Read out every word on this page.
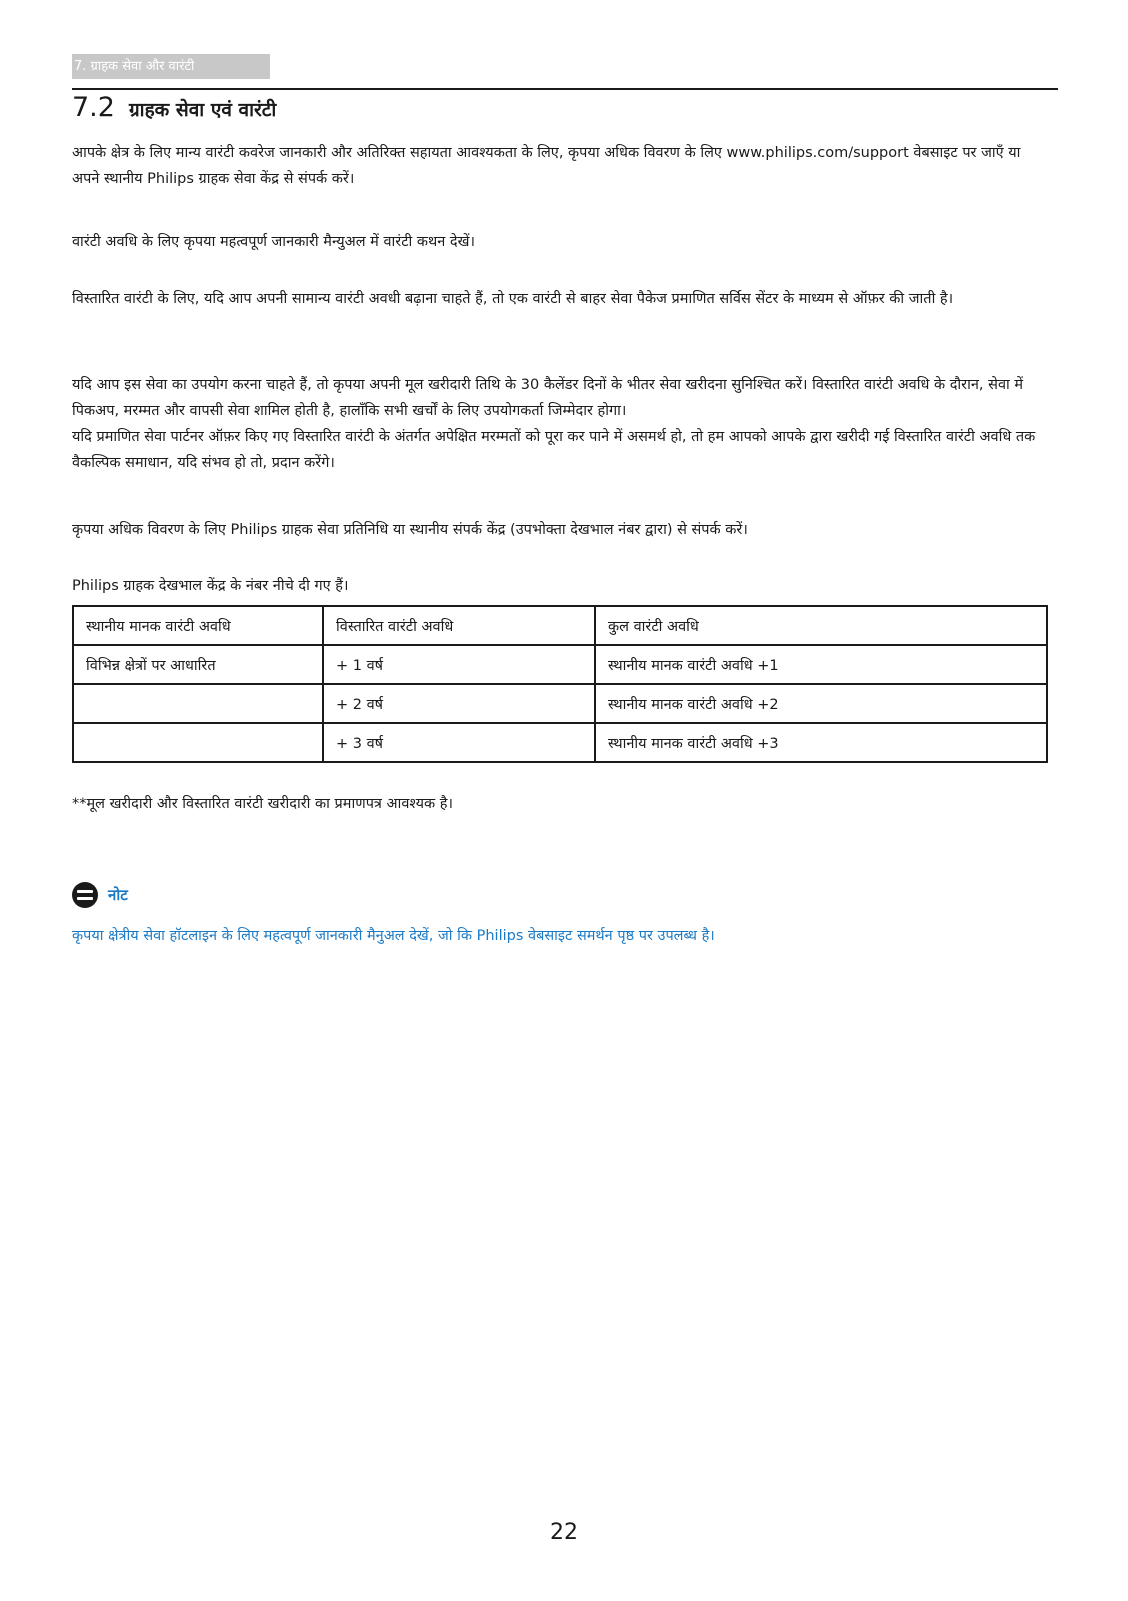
7. ग्राहक सेवा और वारंटी
7.2 ग्राहक सेवा एवं वारंटी

आपके क्षेत्र के लिए मान्य वारंटी कवरेज जानकारी और अतिरिक्त सहायता आवश्यकता के लिए, कृपया अधिक विवरण के लिए www.philips.com/support वेबसाइट पर जाएँ या अपने स्थानीय Philips ग्राहक सेवा केंद्र से संपर्क करें।

वारंटी अवधि के लिए कृपया महत्वपूर्ण जानकारी मैन्युअल में वारंटी कथन देखें।

विस्तारित वारंटी के लिए, यदि आप अपनी सामान्य वारंटी अवधी बढ़ाना चाहते हैं, तो एक वारंटी से बाहर सेवा पैकेज प्रमाणित सर्विस सेंटर के माध्यम से ऑफ़र की जाती है।

यदि आप इस सेवा का उपयोग करना चाहते हैं, तो कृपया अपनी मूल खरीदारी तिथि के 30 कैलेंडर दिनों के भीतर सेवा खरीदना सुनिश्चित करें। विस्तारित वारंटी अवधि के दौरान, सेवा में पिकअप, मरम्मत और वापसी सेवा शामिल होती है, हालाँकि सभी खर्चों के लिए उपयोगकर्ता जिम्मेदार होगा।
यदि प्रमाणित सेवा पार्टनर ऑफ़र किए गए विस्तारित वारंटी के अंतर्गत अपेक्षित मरम्मतों को पूरा कर पाने में असमर्थ हो, तो हम आपको आपके द्वारा खरीदी गई विस्तारित वारंटी अवधि तक वैकल्पिक समाधान, यदि संभव हो तो, प्रदान करेंगे।

कृपया अधिक विवरण के लिए Philips ग्राहक सेवा प्रतिनिधि या स्थानीय संपर्क केंद्र (उपभोक्ता देखभाल नंबर द्वारा) से संपर्क करें।

Philips ग्राहक देखभाल केंद्र के नंबर नीचे दी गए हैं।
स्थानीय मानक वारंटी अवधि	विस्तारित वारंटी अवधि	कुल वारंटी अवधि
विभिन्न क्षेत्रों पर आधारित	+ 1 वर्ष	स्थानीय मानक वारंटी अवधि +1
	+ 2 वर्ष	स्थानीय मानक वारंटी अवधि +2
	+ 3 वर्ष	स्थानीय मानक वारंटी अवधि +3
**मूल खरीदारी और विस्तारित वारंटी खरीदारी का प्रमाणपत्र आवश्यक है।
नोट
कृपया क्षेत्रीय सेवा हॉटलाइन के लिए महत्वपूर्ण जानकारी मैनुअल देखें, जो कि Philips वेबसाइट समर्थन पृष्ठ पर उपलब्ध है।
22
